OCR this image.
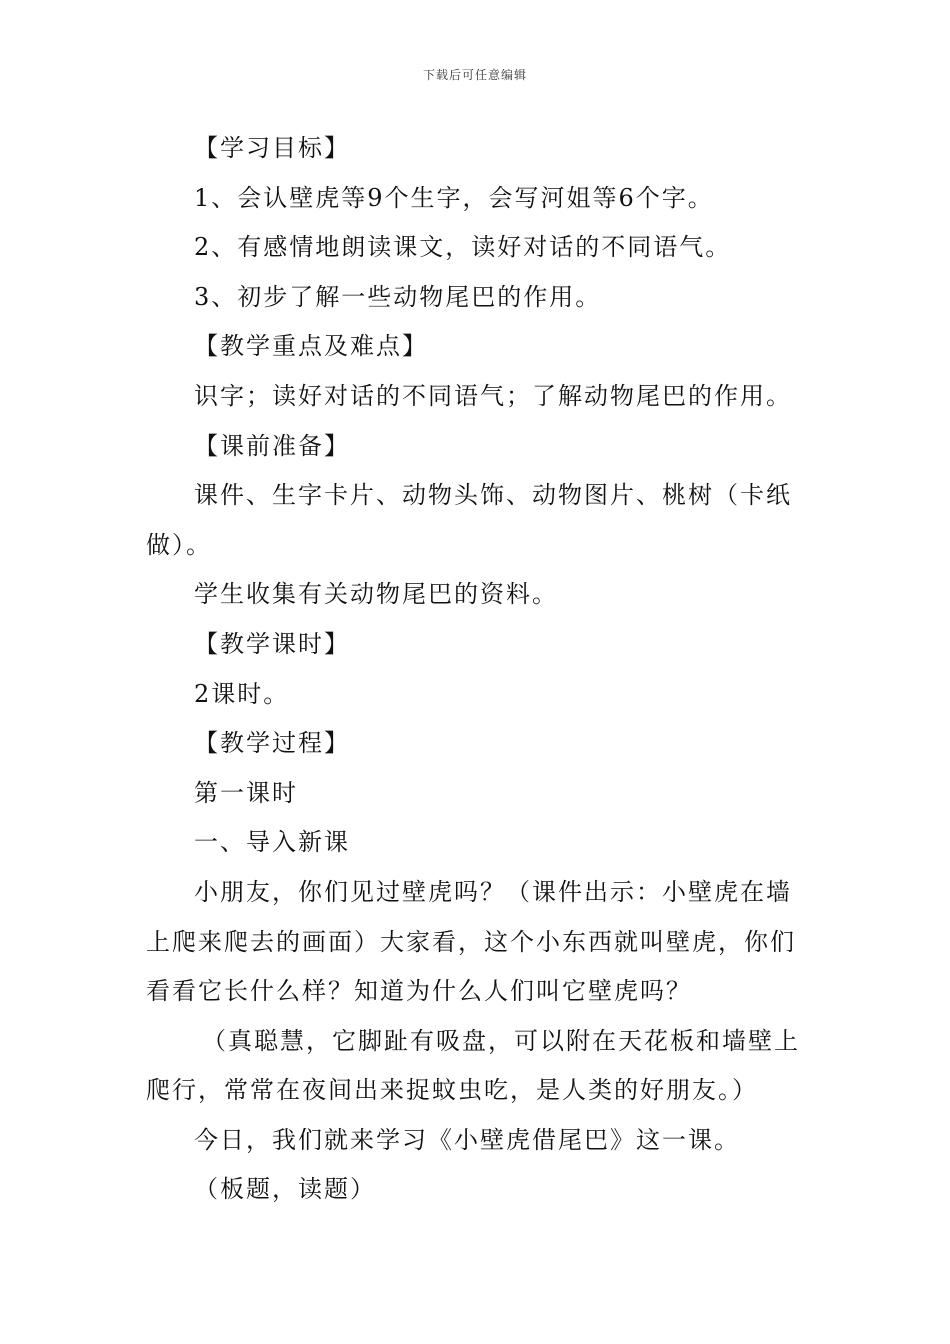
下载后可任意编辑

【学习目标】

1、会认壁虎等9个生字，会写河姐等6个字。

2、有感情地朗读课文，读好对话的不同语气。

3、初步了解一些动物尾巴的作用。

【教学重点及难点】

识字；读好对话的不同语气；了解动物尾巴的作用。

【课前准备】

课件、生字卡片、动物头饰、动物图片、桃树（卡纸做）。

学生收集有关动物尾巴的资料。

【教学课时】

2课时。

【教学过程】

第一课时

一、导入新课

小朋友，你们见过壁虎吗？（课件出示：小壁虎在墙上爬来爬去的画面）大家看，这个小东西就叫壁虎，你们看看它长什么样？知道为什么人们叫它壁虎吗？

（真聪慧，它脚趾有吸盘，可以附在天花板和墙壁上爬行，常常在夜间出来捉蚊虫吃，是人类的好朋友。）

今日，我们就来学习《小壁虎借尾巴》这一课。

（板题，读题）
